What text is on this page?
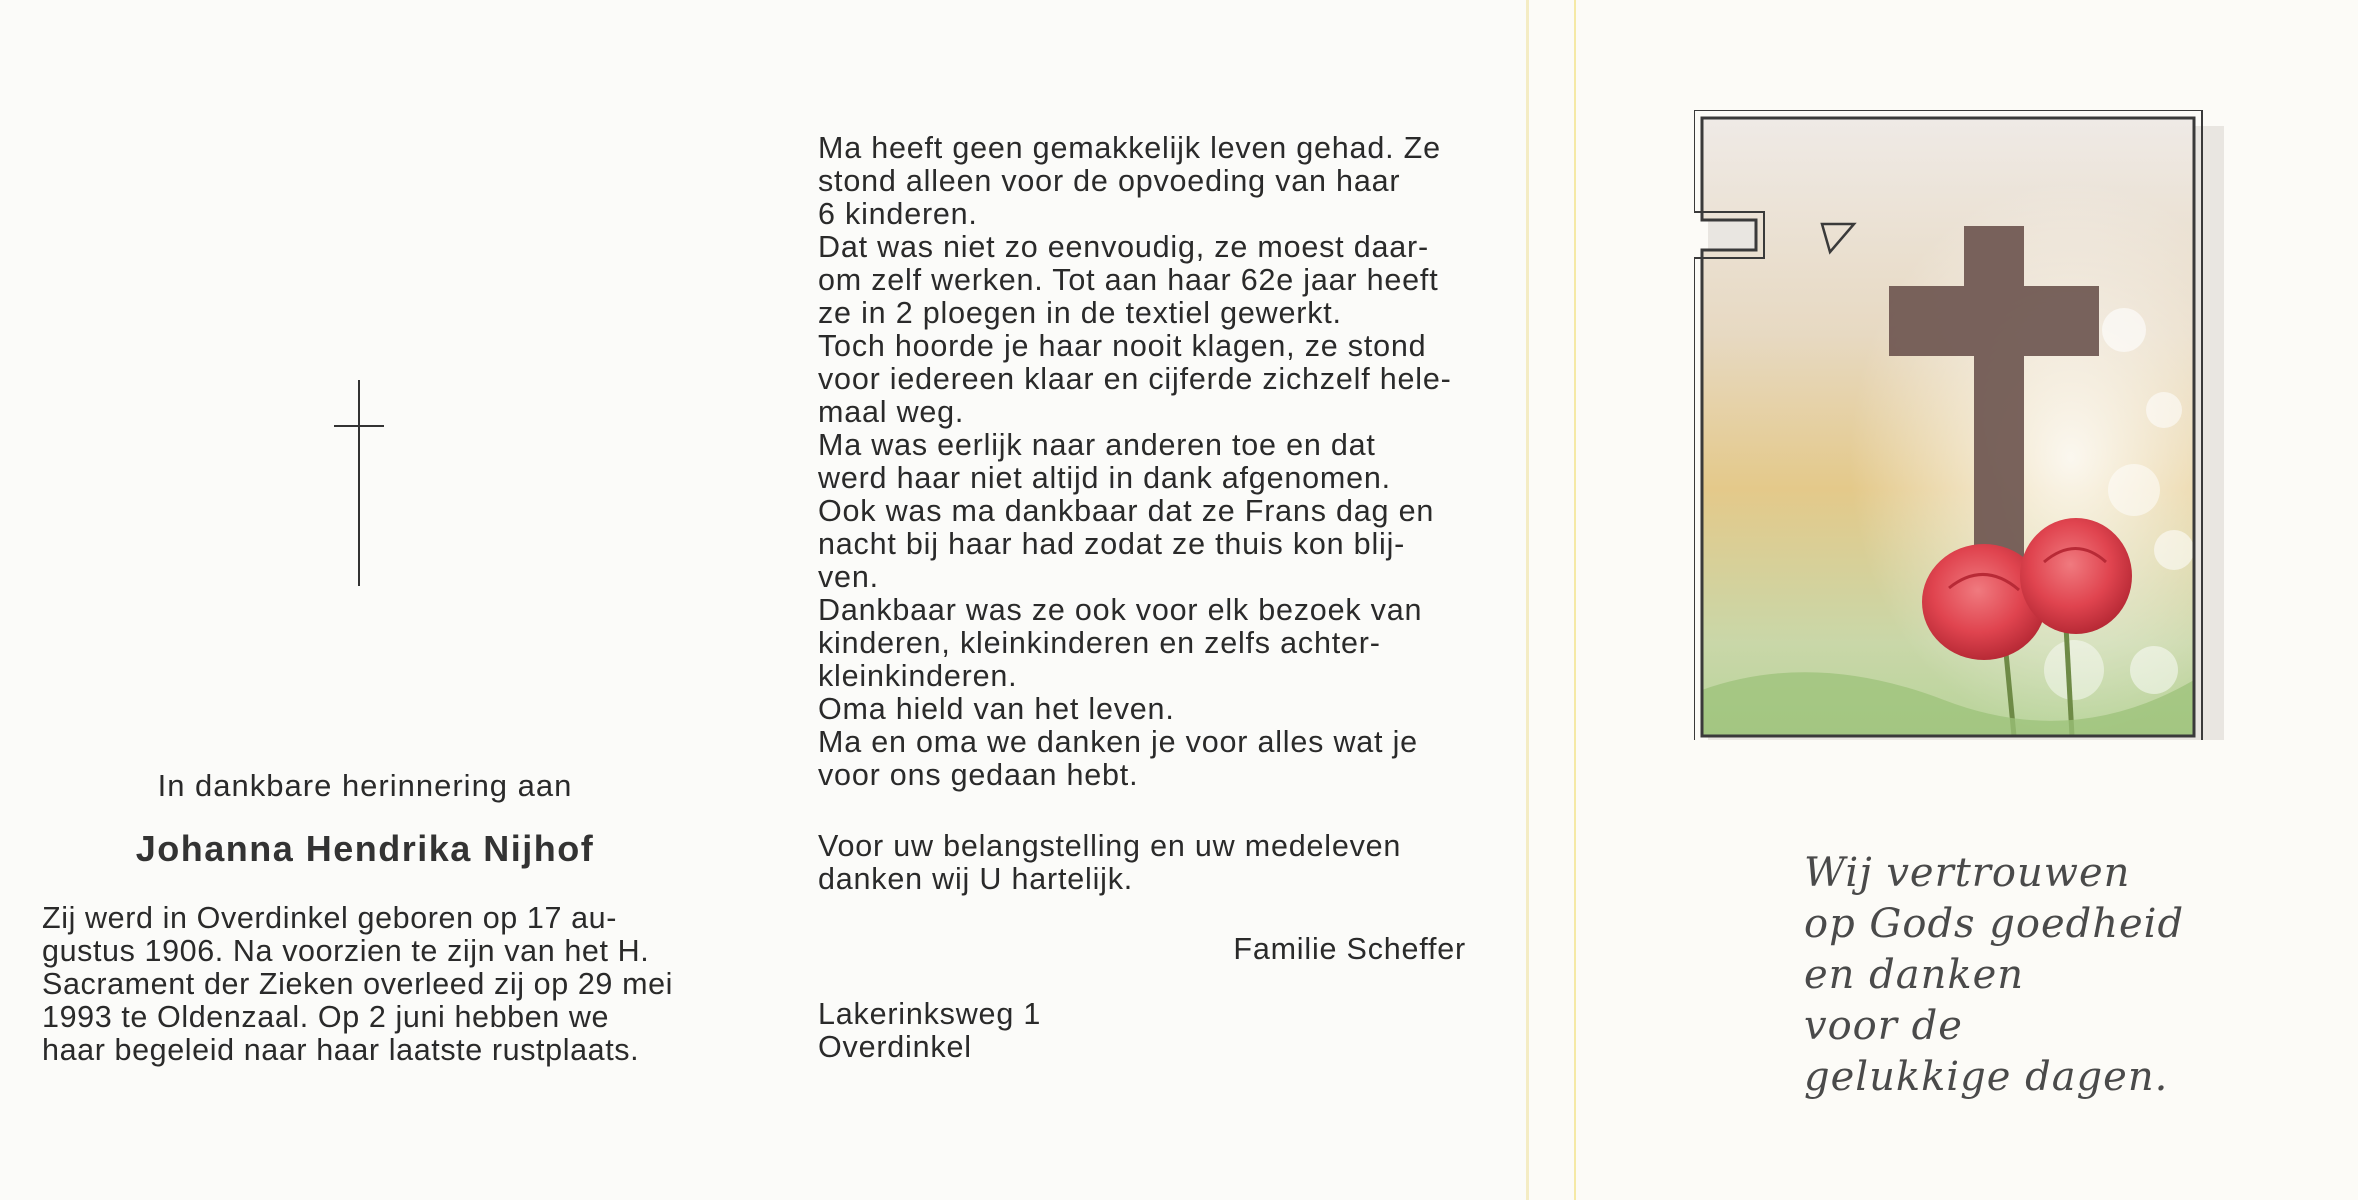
In dankbare herinnering aan
Johanna Hendrika Nijhof
Zij werd in Overdinkel geboren op 17 au-
gustus 1906. Na voorzien te zijn van het H.
Sacrament der Zieken overleed zij op 29 mei
1993 te Oldenzaal. Op 2 juni hebben we
haar begeleid naar haar laatste rustplaats.
Ma heeft geen gemakkelijk leven gehad. Ze
stond alleen voor de opvoeding van haar
6 kinderen.
Dat was niet zo eenvoudig, ze moest daar-
om zelf werken. Tot aan haar 62e jaar heeft
ze in 2 ploegen in de textiel gewerkt.
Toch hoorde je haar nooit klagen, ze stond
voor iedereen klaar en cijferde zichzelf hele-
maal weg.
Ma was eerlijk naar anderen toe en dat
werd haar niet altijd in dank afgenomen.
Ook was ma dankbaar dat ze Frans dag en
nacht bij haar had zodat ze thuis kon blij-
ven.
Dankbaar was ze ook voor elk bezoek van
kinderen, kleinkinderen en zelfs achter-
kleinkinderen.
Oma hield van het leven.
Ma en oma we danken je voor alles wat je
voor ons gedaan hebt.
Voor uw belangstelling en uw medeleven
danken wij U hartelijk.
Familie Scheffer
Lakerinksweg 1
Overdinkel
Wij vertrouwen
op Gods goedheid
en danken
voor de
gelukkige dagen.
